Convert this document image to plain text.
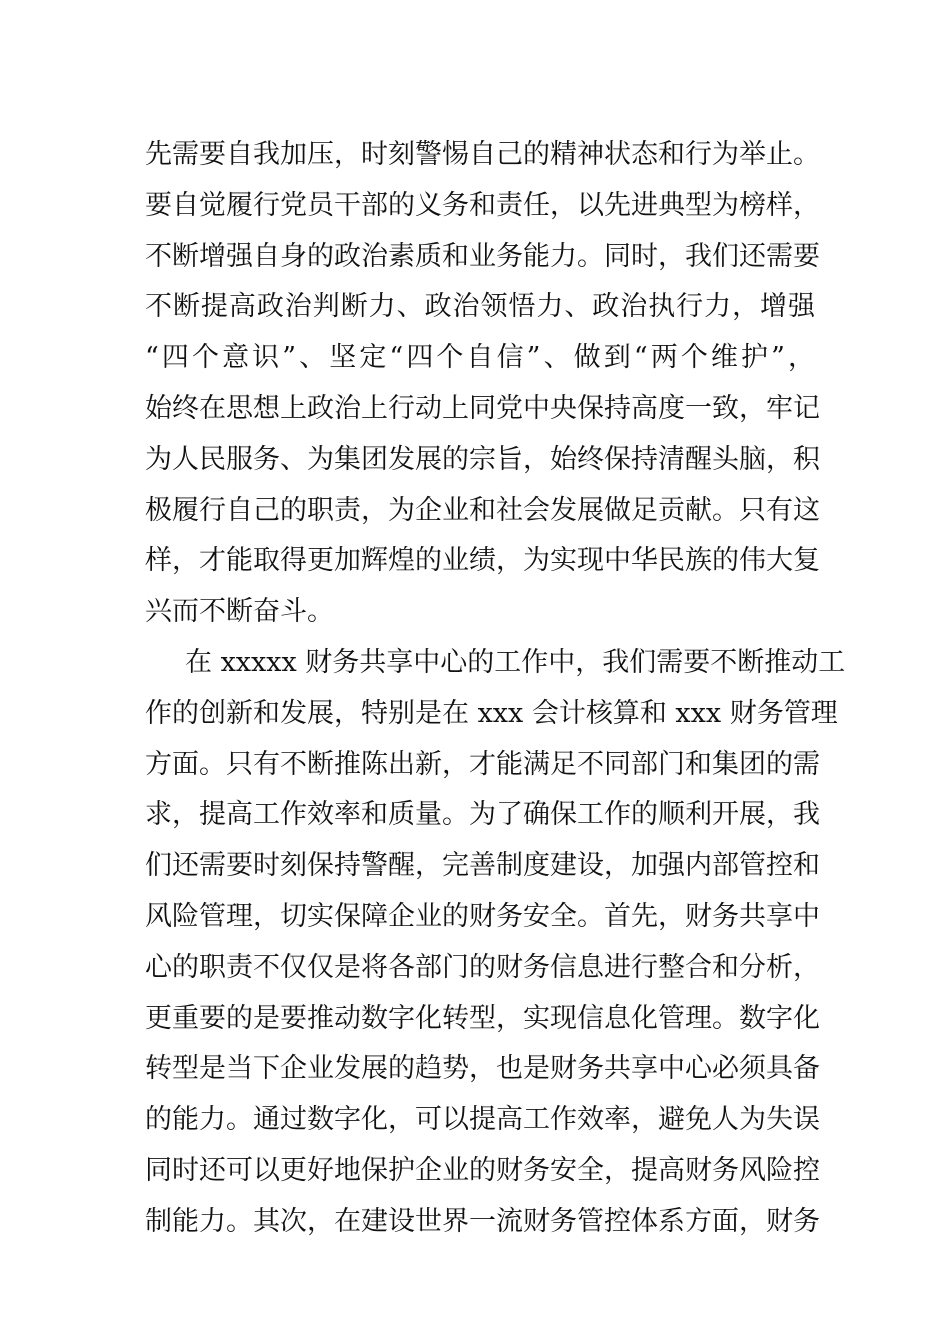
先需要自我加压，时刻警惕自己的精神状态和行为举止。
要自觉履行党员干部的义务和责任，以先进典型为榜样，
不断增强自身的政治素质和业务能力。同时，我们还需要
不断提高政治判断力、政治领悟力、政治执行力，增强
“四个意识”、坚定“四个自信”、做到“两个维护”，
始终在思想上政治上行动上同党中央保持高度一致，牢记
为人民服务、为集团发展的宗旨，始终保持清醒头脑，积
极履行自己的职责，为企业和社会发展做足贡献。只有这
样，才能取得更加辉煌的业绩，为实现中华民族的伟大复
兴而不断奋斗。
在 xxxxx 财务共享中心的工作中，我们需要不断推动工
作的创新和发展，特别是在 xxx 会计核算和 xxx 财务管理
方面。只有不断推陈出新，才能满足不同部门和集团的需
求，提高工作效率和质量。为了确保工作的顺利开展，我
们还需要时刻保持警醒，完善制度建设，加强内部管控和
风险管理，切实保障企业的财务安全。首先，财务共享中
心的职责不仅仅是将各部门的财务信息进行整合和分析，
更重要的是要推动数字化转型，实现信息化管理。数字化
转型是当下企业发展的趋势，也是财务共享中心必须具备
的能力。通过数字化，可以提高工作效率，避免人为失误
同时还可以更好地保护企业的财务安全，提高财务风险控
制能力。其次，在建设世界一流财务管控体系方面，财务
